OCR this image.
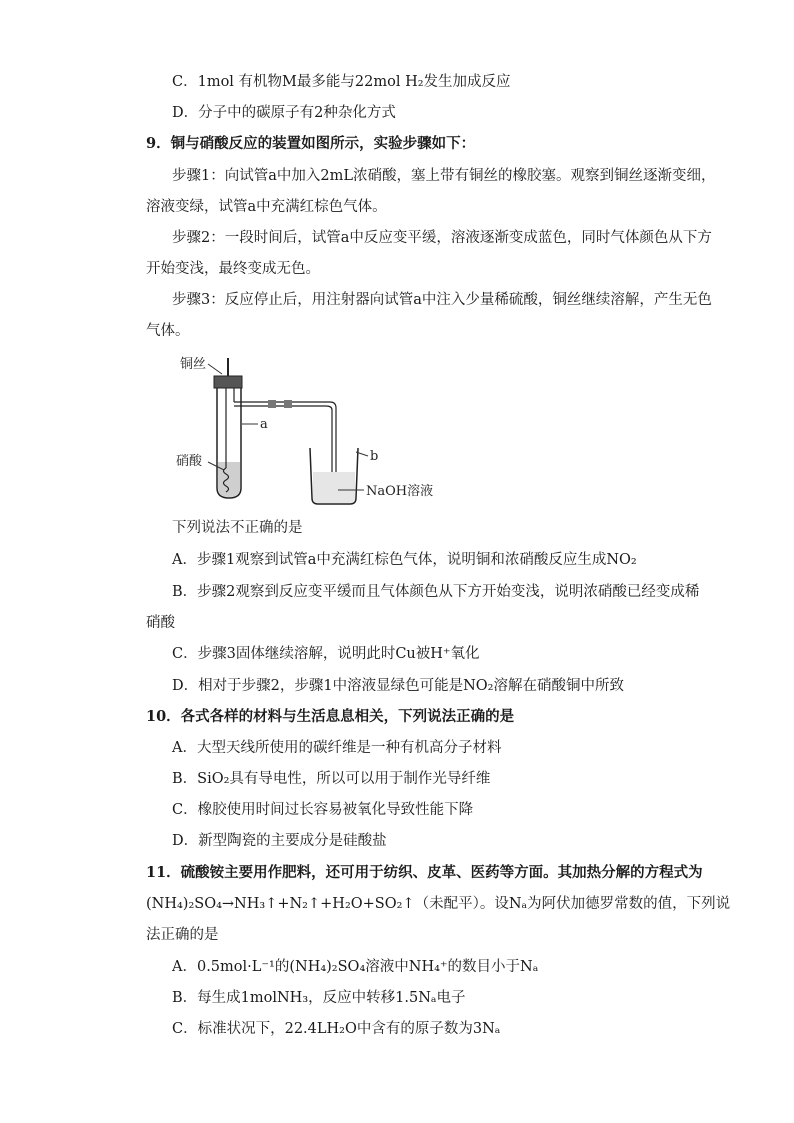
C．1mol 有机物M最多能与22mol H₂发生加成反应
D．分子中的碳原子有2种杂化方式
9．铜与硝酸反应的装置如图所示，实验步骤如下：
步骤1：向试管a中加入2mL浓硝酸，塞上带有铜丝的橡胶塞。观察到铜丝逐渐变细，
溶液变绿，试管a中充满红棕色气体。
步骤2：一段时间后，试管a中反应变平缓，溶液逐渐变成蓝色，同时气体颜色从下方
开始变浅，最终变成无色。
步骤3：反应停止后，用注射器向试管a中注入少量稀硫酸，铜丝继续溶解，产生无色
气体。
铜丝
a
硝酸	b
NaOH溶液
下列说法不正确的是
A．步骤1观察到试管a中充满红棕色气体，说明铜和浓硝酸反应生成NO₂
B．步骤2观察到反应变平缓而且气体颜色从下方开始变浅，说明浓硝酸已经变成稀
硝酸
C．步骤3固体继续溶解，说明此时Cu被H⁺氧化
D．相对于步骤2，步骤1中溶液显绿色可能是NO₂溶解在硝酸铜中所致
10．各式各样的材料与生活息息相关，下列说法正确的是
A．大型天线所使用的碳纤维是一种有机高分子材料
B．SiO₂具有导电性，所以可以用于制作光导纤维
C．橡胶使用时间过长容易被氧化导致性能下降
D．新型陶瓷的主要成分是硅酸盐
11．硫酸铵主要用作肥料，还可用于纺织、皮革、医药等方面。其加热分解的方程式为
(NH₄)₂SO₄→NH₃↑+N₂↑+H₂O+SO₂↑（未配平）。设Nₐ为阿伏加德罗常数的值，下列说
法正确的是
A．0.5mol·L⁻¹的(NH₄)₂SO₄溶液中NH₄⁺的数目小于Nₐ
B．每生成1molNH₃，反应中转移1.5Nₐ电子
C．标准状况下，22.4LH₂O中含有的原子数为3Nₐ
